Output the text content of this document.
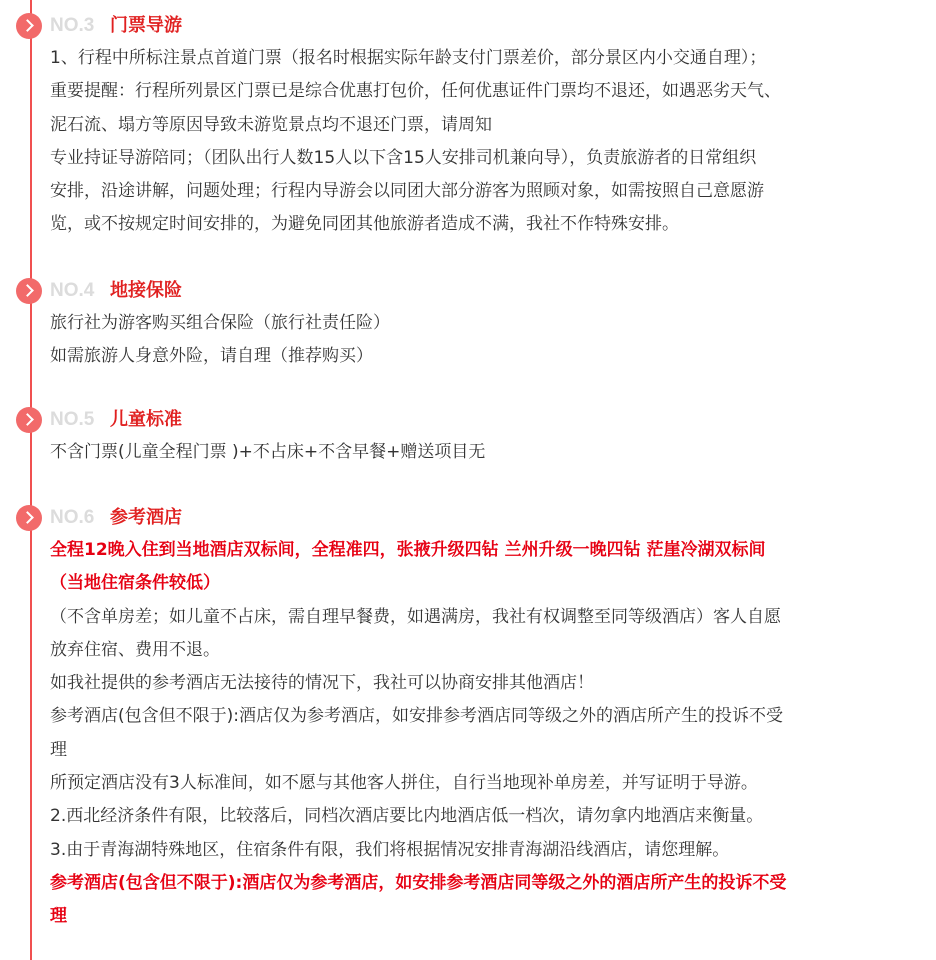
NO.3 门票导游

1、行程中所标注景点首道门票（报名时根据实际年龄支付门票差价，部分景区内小交通自理）；

重要提醒：行程所列景区门票已是综合优惠打包价，任何优惠证件门票均不退还，如遇恶劣天气、

泥石流、塌方等原因导致未游览景点均不退还门票，请周知

专业持证导游陪同；（团队出行人数15人以下含15人安排司机兼向导），负责旅游者的日常组织

安排，沿途讲解，问题处理；行程内导游会以同团大部分游客为照顾对象，如需按照自己意愿游

览，或不按规定时间安排的，为避免同团其他旅游者造成不满，我社不作特殊安排。

NO.4 地接保险

旅行社为游客购买组合保险（旅行社责任险）

如需旅游人身意外险，请自理（推荐购买）

NO.5 儿童标准

不含门票(儿童全程门票 )+不占床+不含早餐+赠送项目无

NO.6 参考酒店

全程12晚入住到当地酒店双标间，全程准四，张掖升级四钻 兰州升级一晚四钻 茫崖冷湖双标间

（当地住宿条件较低）

（不含单房差；如儿童不占床，需自理早餐费，如遇满房，我社有权调整至同等级酒店）客人自愿

放弃住宿、费用不退。

如我社提供的参考酒店无法接待的情况下，我社可以协商安排其他酒店！

参考酒店(包含但不限于):酒店仅为参考酒店，如安排参考酒店同等级之外的酒店所产生的投诉不受

理

所预定酒店没有3人标准间，如不愿与其他客人拼住，自行当地现补单房差，并写证明于导游。

2.西北经济条件有限，比较落后，同档次酒店要比内地酒店低一档次，请勿拿内地酒店来衡量。

3.由于青海湖特殊地区，住宿条件有限，我们将根据情况安排青海湖沿线酒店，请您理解。

参考酒店(包含但不限于):酒店仅为参考酒店，如安排参考酒店同等级之外的酒店所产生的投诉不受

理
